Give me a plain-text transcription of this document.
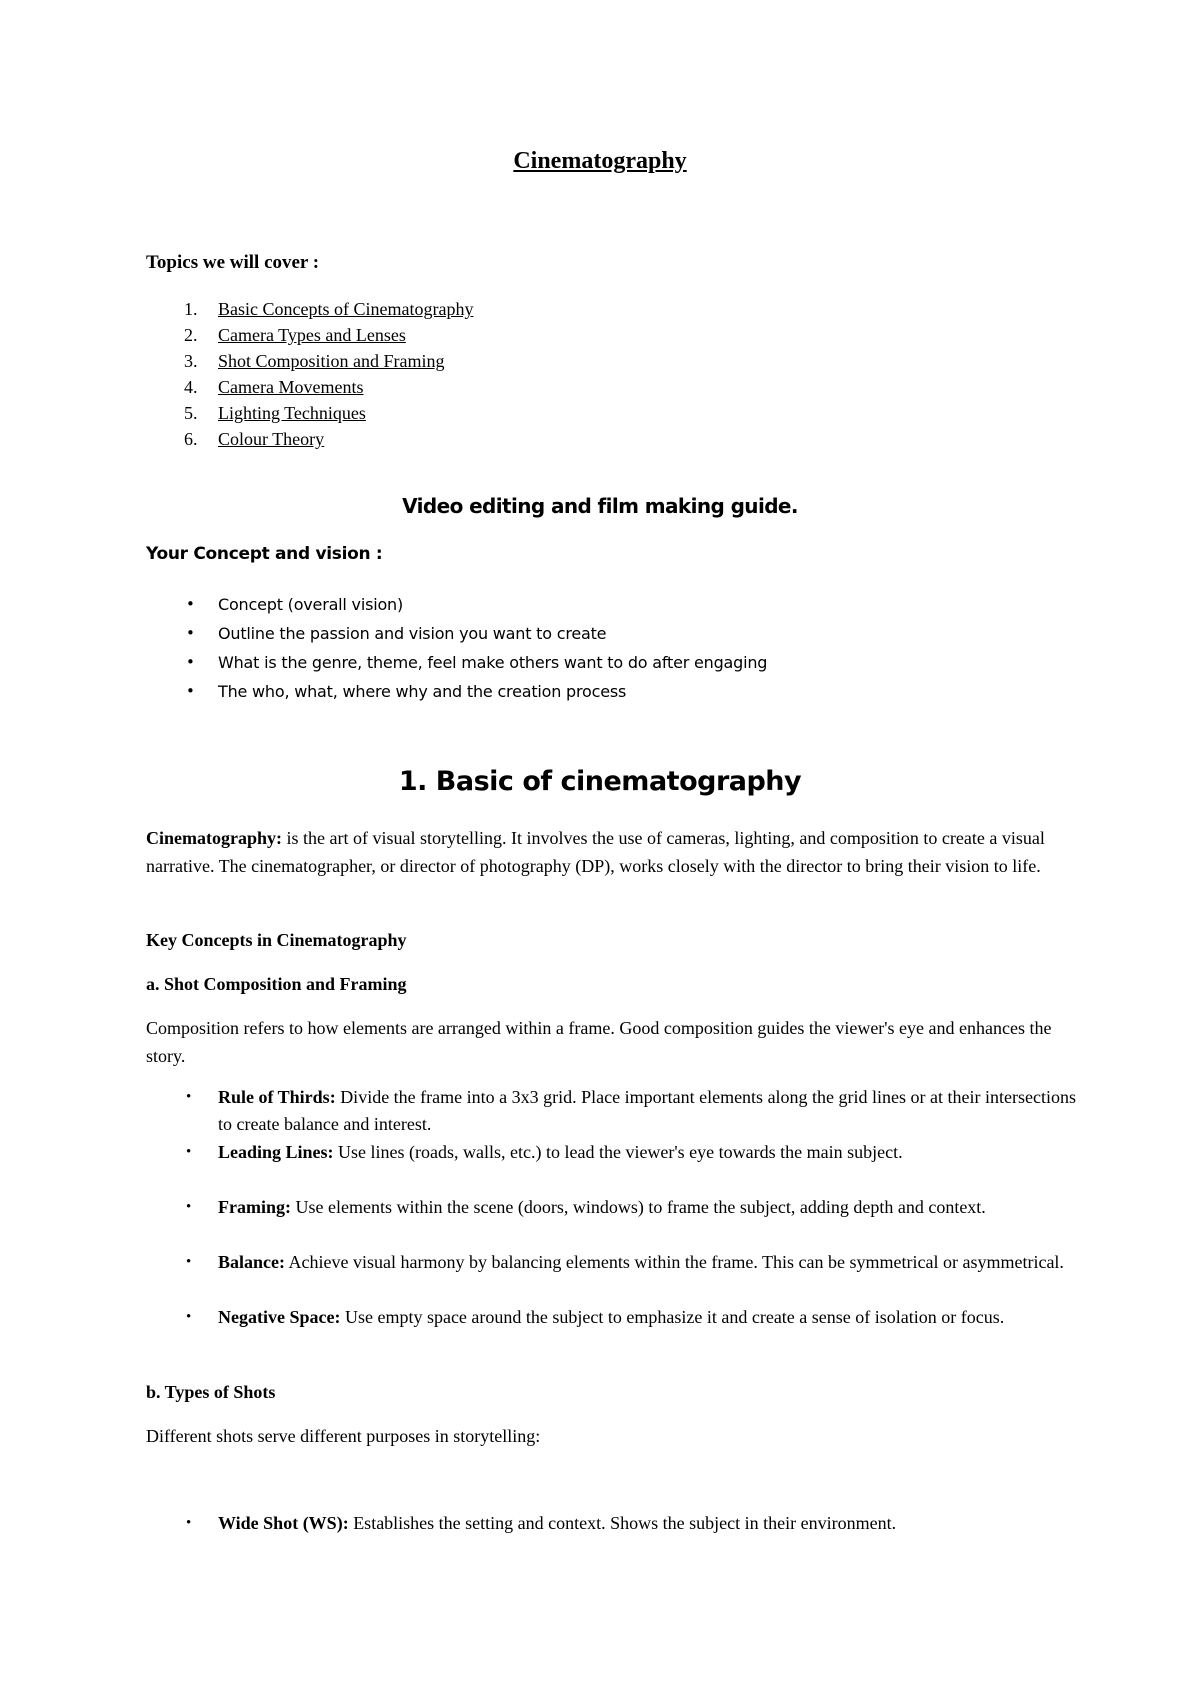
Cinematography
Topics we will cover :
1. Basic Concepts of Cinematography
2. Camera Types and Lenses
3. Shot Composition and Framing
4. Camera Movements
5. Lighting Techniques
6. Colour Theory
Video editing and film making guide.
Your Concept and vision :
• Concept (overall vision)
• Outline the passion and vision you want to create
• What is the genre, theme, feel make others want to do after engaging
• The who, what, where why and the creation process
1. Basic of cinematography

Cinematography: is the art of visual storytelling. It involves the use of cameras, lighting, and composition to create a visual narrative. The cinematographer, or director of photography (DP), works closely with the director to bring their vision to life.

Key Concepts in Cinematography
a. Shot Composition and Framing

Composition refers to how elements are arranged within a frame. Good composition guides the viewer's eye and enhances the story.

• Rule of Thirds: Divide the frame into a 3x3 grid. Place important elements along the grid lines or at their intersections to create balance and interest.
• Leading Lines: Use lines (roads, walls, etc.) to lead the viewer's eye towards the main subject.
• Framing: Use elements within the scene (doors, windows) to frame the subject, adding depth and context.
• Balance: Achieve visual harmony by balancing elements within the frame. This can be symmetrical or asymmetrical.
• Negative Space: Use empty space around the subject to emphasize it and create a sense of isolation or focus.
b. Types of Shots

Different shots serve different purposes in storytelling:

• Wide Shot (WS): Establishes the setting and context. Shows the subject in their environment.
